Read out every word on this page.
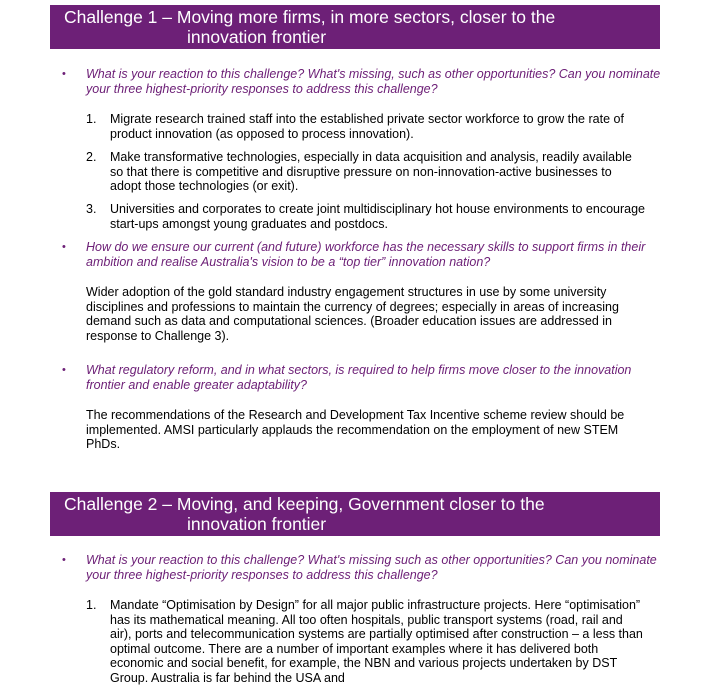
Challenge 1 – Moving more firms, in more sectors, closer to the
innovation frontier
• What is your reaction to this challenge? What's missing, such as other opportunities? Can you nominate your three highest-priority responses to address this challenge?
1. Migrate research trained staff into the established private sector workforce to grow the rate of product innovation (as opposed to process innovation).
2. Make transformative technologies, especially in data acquisition and analysis, readily available so that there is competitive and disruptive pressure on non-innovation-active businesses to adopt those technologies (or exit).
3. Universities and corporates to create joint multidisciplinary hot house environments to encourage start-ups amongst young graduates and postdocs.
• How do we ensure our current (and future) workforce has the necessary skills to support firms in their ambition and realise Australia's vision to be a “top tier” innovation nation?
Wider adoption of the gold standard industry engagement structures in use by some university disciplines and professions to maintain the currency of degrees; especially in areas of increasing demand such as data and computational sciences. (Broader education issues are addressed in response to Challenge 3).
• What regulatory reform, and in what sectors, is required to help firms move closer to the innovation frontier and enable greater adaptability?
The recommendations of the Research and Development Tax Incentive scheme review should be implemented. AMSI particularly applauds the recommendation on the employment of new STEM PhDs.
Challenge 2 – Moving, and keeping, Government closer to the
innovation frontier
• What is your reaction to this challenge? What's missing such as other opportunities? Can you nominate your three highest-priority responses to address this challenge?
1. Mandate “Optimisation by Design” for all major public infrastructure projects. Here “optimisation” has its mathematical meaning. All too often hospitals, public transport systems (road, rail and air), ports and telecommunication systems are partially optimised after construction – a less than optimal outcome. There are a number of important examples where it has delivered both economic and social benefit, for example, the NBN and various projects undertaken by DST Group. Australia is far behind the USA and
